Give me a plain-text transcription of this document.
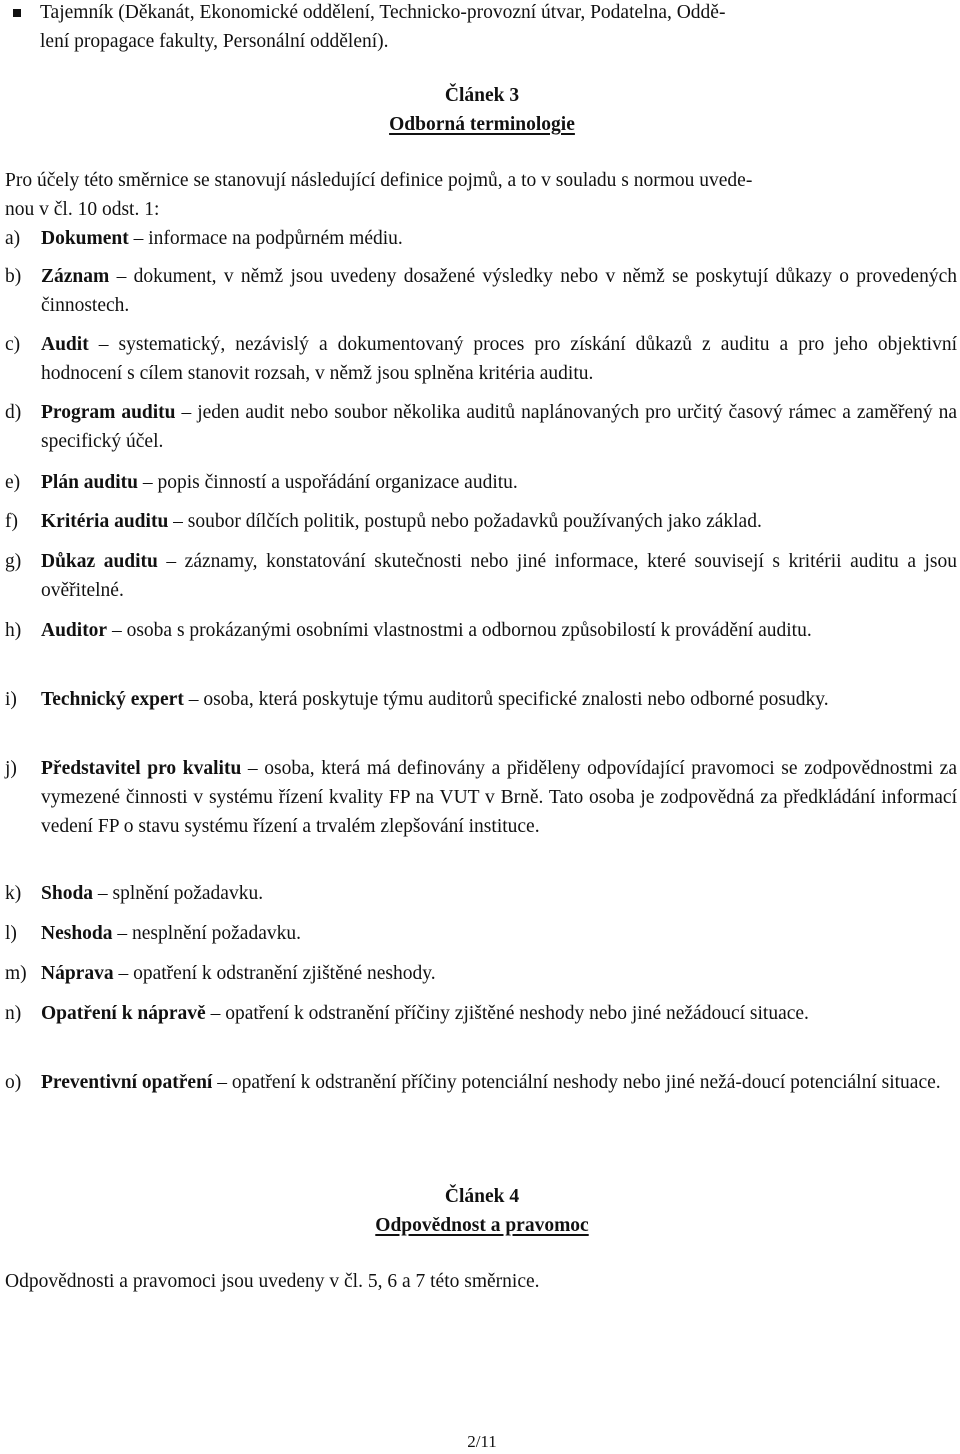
Tajemník (Děkanát, Ekonomické oddělení, Technicko-provozní útvar, Podatelna, Oddě-
lení propagace fakulty, Personální oddělení).
Článek 3
Odborná terminologie
Pro účely této směrnice se stanovují následující definice pojmů, a to v souladu s normou uvede-
nou v čl. 10 odst. 1:
a)	Dokument – informace na podpůrném médiu.
b)	Záznam – dokument, v němž jsou uvedeny dosažené výsledky nebo v němž se poskytují důkazy o provedených činnostech.
c)	Audit – systematický, nezávislý a dokumentovaný proces pro získání důkazů z auditu a pro jeho objektivní hodnocení s cílem stanovit rozsah, v němž jsou splněna kritéria auditu.
d)	Program auditu – jeden audit nebo soubor několika auditů naplánovaných pro určitý časový rámec a zaměřený na specifický účel.
e)	Plán auditu – popis činností a uspořádání organizace auditu.
f)	Kritéria auditu – soubor dílčích politik, postupů nebo požadavků používaných jako základ.
g)	Důkaz auditu – záznamy, konstatování skutečnosti nebo jiné informace, které souvisejí s kritérii auditu a jsou ověřitelné.
h)	Auditor – osoba s prokázanými osobními vlastnostmi a odbornou způsobilostí k provádění auditu.
i)	Technický expert – osoba, která poskytuje týmu auditorů specifické znalosti nebo odborné posudky.
j)	Představitel pro kvalitu – osoba, která má definovány a přiděleny odpovídající pravomoci se zodpovědnostmi za vymezené činnosti v systému řízení kvality FP na VUT v Brně. Tato osoba je zodpovědná za předkládání informací vedení FP o stavu systému řízení a trvalém zlepšování instituce.
k)	Shoda – splnění požadavku.
l)	Neshoda – nesplnění požadavku.
m) Náprava – opatření k odstranění zjištěné neshody.
n)	Opatření k nápravě – opatření k odstranění příčiny zjištěné neshody nebo jiné nežádoucí situace.
o)	Preventivní opatření – opatření k odstranění příčiny potenciální neshody nebo jiné nežá-doucí potenciální situace.
Článek 4
Odpovědnost a pravomoc
Odpovědnosti a pravomoci jsou uvedeny v čl. 5, 6 a 7 této směrnice.
2/11
